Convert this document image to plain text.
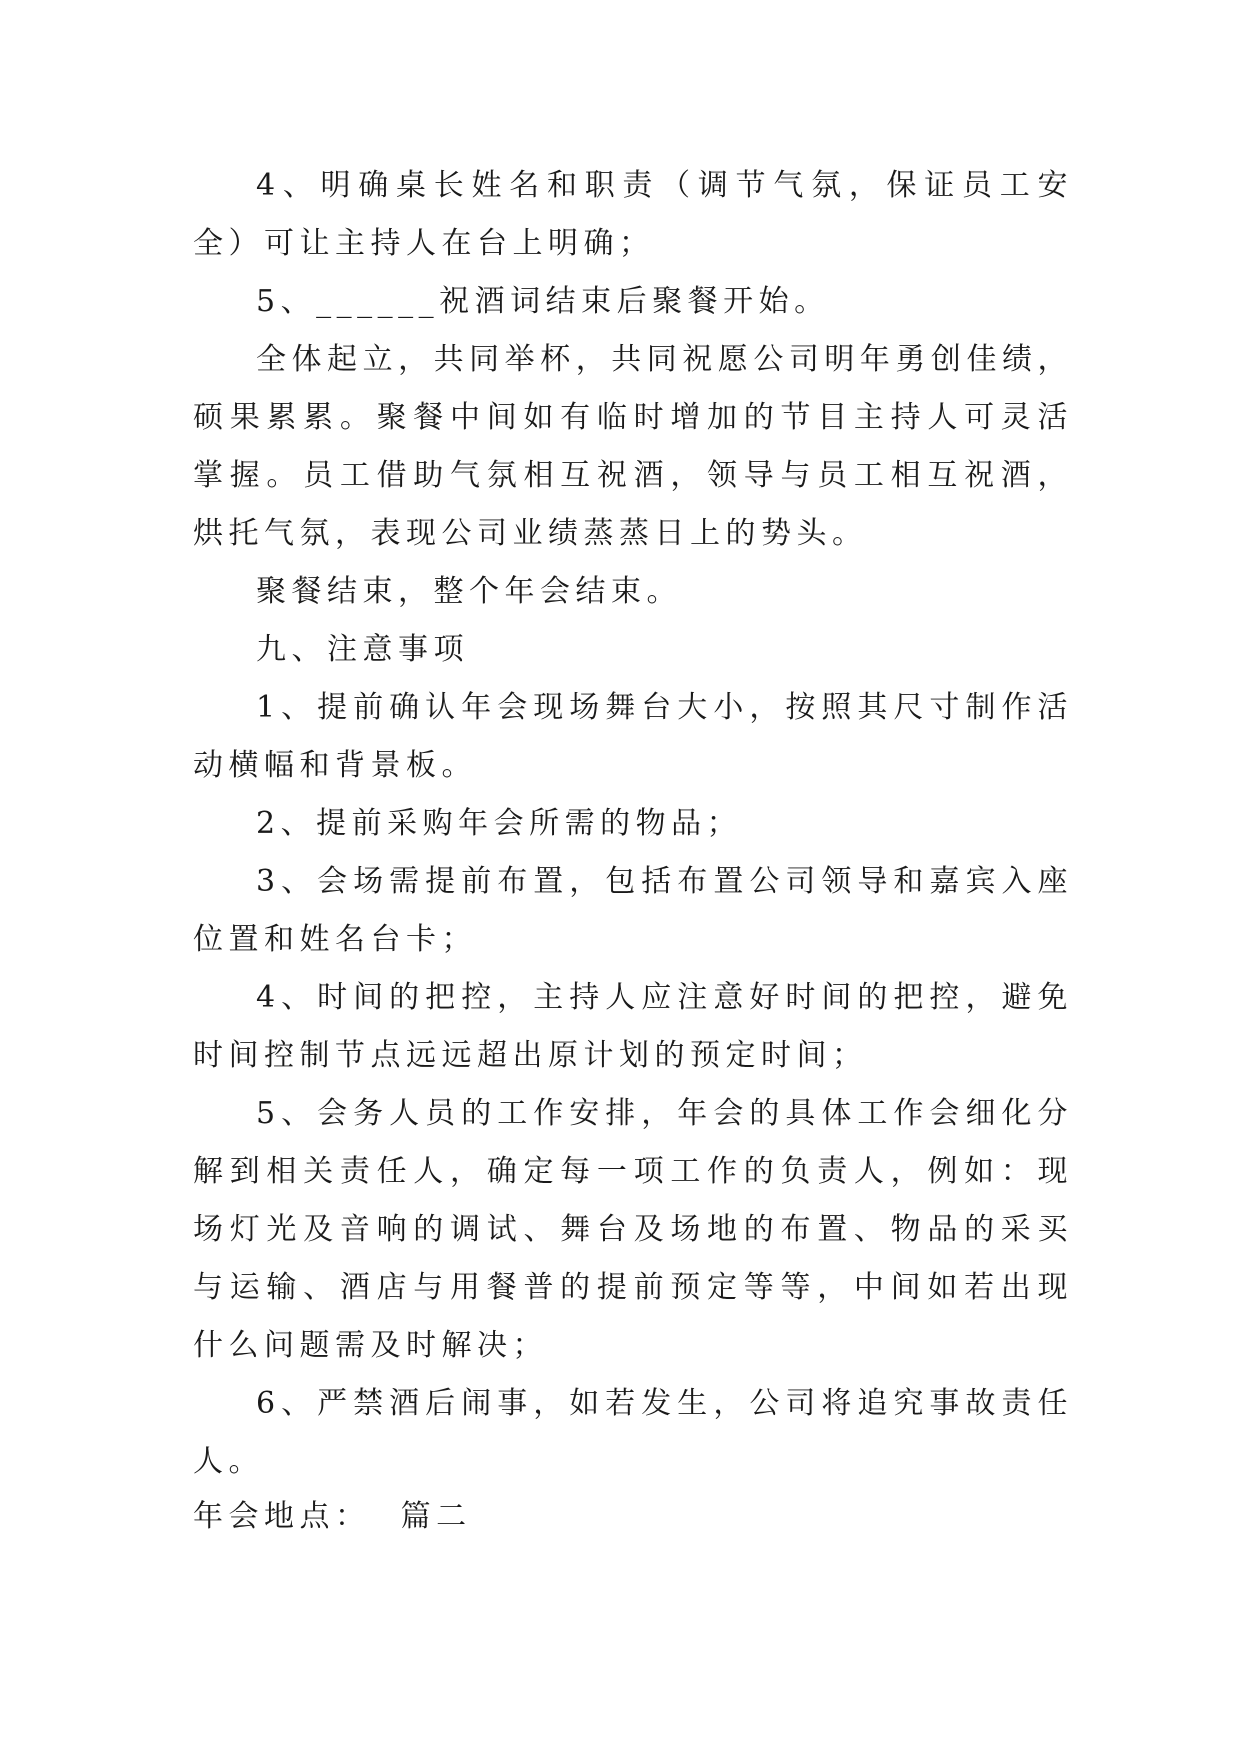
4、明确桌长姓名和职责（调节气氛，保证员工安全）可让主持人在台上明确；

5、______祝酒词结束后聚餐开始。

全体起立，共同举杯，共同祝愿公司明年勇创佳绩，硕果累累。聚餐中间如有临时增加的节目主持人可灵活掌握。员工借助气氛相互祝酒，领导与员工相互祝酒，烘托气氛，表现公司业绩蒸蒸日上的势头。

聚餐结束，整个年会结束。

九、注意事项

1、提前确认年会现场舞台大小，按照其尺寸制作活动横幅和背景板。

2、提前采购年会所需的物品；

3、会场需提前布置，包括布置公司领导和嘉宾入座位置和姓名台卡；

4、时间的把控，主持人应注意好时间的把控，避免时间控制节点远远超出原计划的预定时间；

5、会务人员的工作安排，年会的具体工作会细化分解到相关责任人，确定每一项工作的负责人，例如：现场灯光及音响的调试、舞台及场地的布置、物品的采买与运输、酒店与用餐普的提前预定等等，中间如若出现什么问题需及时解决；

6、严禁酒后闹事，如若发生，公司将追究事故责任人。

年会地点： 篇二
